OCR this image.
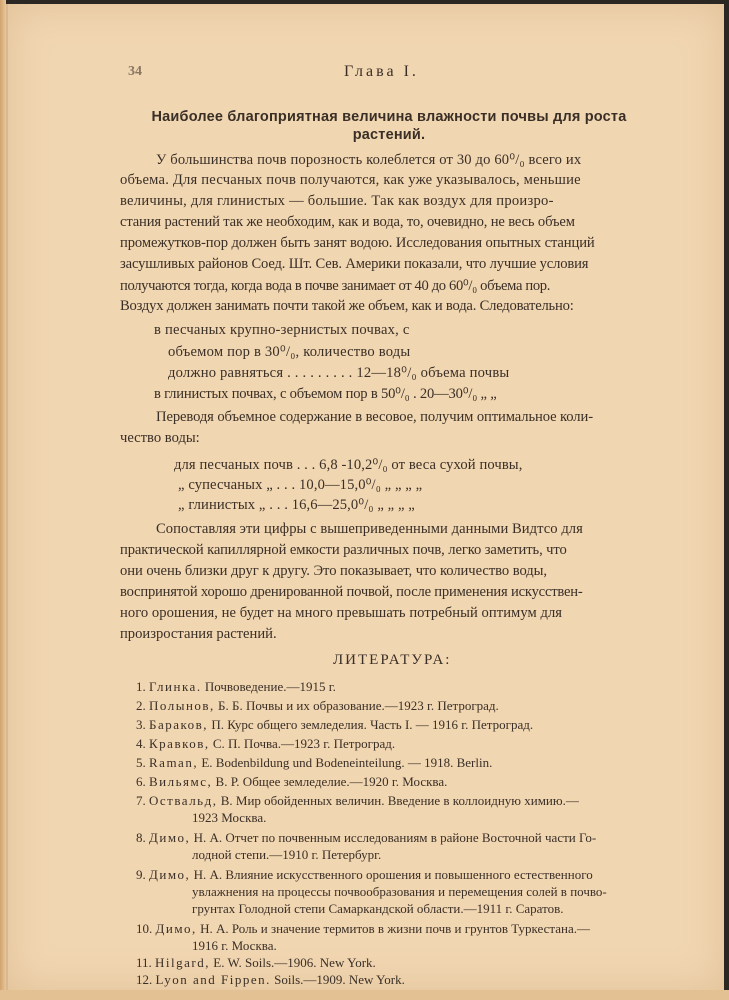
34	Глава I.
Наиболее благоприятная величина влажности почвы для роста
растений.
У большинства почв порозность колеблется от 30 до 60⁰/₀ всего их
объема. Для песчаных почв получаются, как уже указывалось, меньшие
величины, для глинистых — большие. Так как воздух для произро-
стания растений так же необходим, как и вода, то, очевидно, не весь объем
промежутков-пор должен быть занят водою. Исследования опытных станций
засушливых районов Соед. Шт. Сев. Америки показали, что лучшие условия
получаются тогда, когда вода в почве занимает от 40 до 60⁰/₀ объема пор.
Воздух должен занимать почти такой же объем, как и вода. Следовательно:
в песчаных крупно-зернистых почвах, с
объемом пор в 30⁰/₀, количество воды
должно равняться . . . . . . . . . 12—18⁰/₀ объема почвы
в глинистых почвах, с объемом пор в 50⁰/₀ . 20—30⁰/₀ „ „
Переводя объемное содержание в весовое, получим оптимальное коли-
чество воды:
для песчаных почв . . . 6,8 -10,2⁰/₀ от веса сухой почвы,
„ супесчаных „ . . . 10,0—15,0⁰/₀ „ „ „ „
„ глинистых „ . . . 16,6—25,0⁰/₀ „ „ „ „
Сопоставляя эти цифры с вышеприведенными данными Видтсо для
практической капиллярной емкости различных почв, легко заметить, что
они очень близки друг к другу. Это показывает, что количество воды,
воспринятой хорошо дренированной почвой, после применения искусствен-
ного орошения, не будет на много превышать потребный оптимум для
произростания растений.
ЛИТЕРАТУРА:
1. Глинка. Почвоведение.—1915 г.
2. Полынов, Б. Б. Почвы и их образование.—1923 г. Петроград.
3. Бараков, П. Курс общего земледелия. Часть I. — 1916 г. Петроград.
4. Кравков, С. П. Почва.—1923 г. Петроград.
5. Raman, E. Bodenbildung und Bodeneinteilung. — 1918. Berlin.
6. Вильямс, В. Р. Общее земледелие.—1920 г. Москва.
7. Оствальд, В. Мир обойденных величин. Введение в коллоидную химию.—
1923 Москва.
8. Димо, Н. А. Отчет по почвенным исследованиям в районе Восточной части Го-
лодной степи.—1910 г. Петербург.
9. Димо, Н. А. Влияние искусственного орошения и повышенного естественного
увлажнения на процессы почвообразования и перемещения солей в почво-
грунтах Голодной степи Самаркандской области.—1911 г. Саратов.
10. Димо, Н. А. Роль и значение термитов в жизни почв и грунтов Туркестана.—
1916 г. Москва.
11. Hilgard, E. W. Soils.—1906. New York.
12. Lyon and Fippen. Soils.—1909. New York.
